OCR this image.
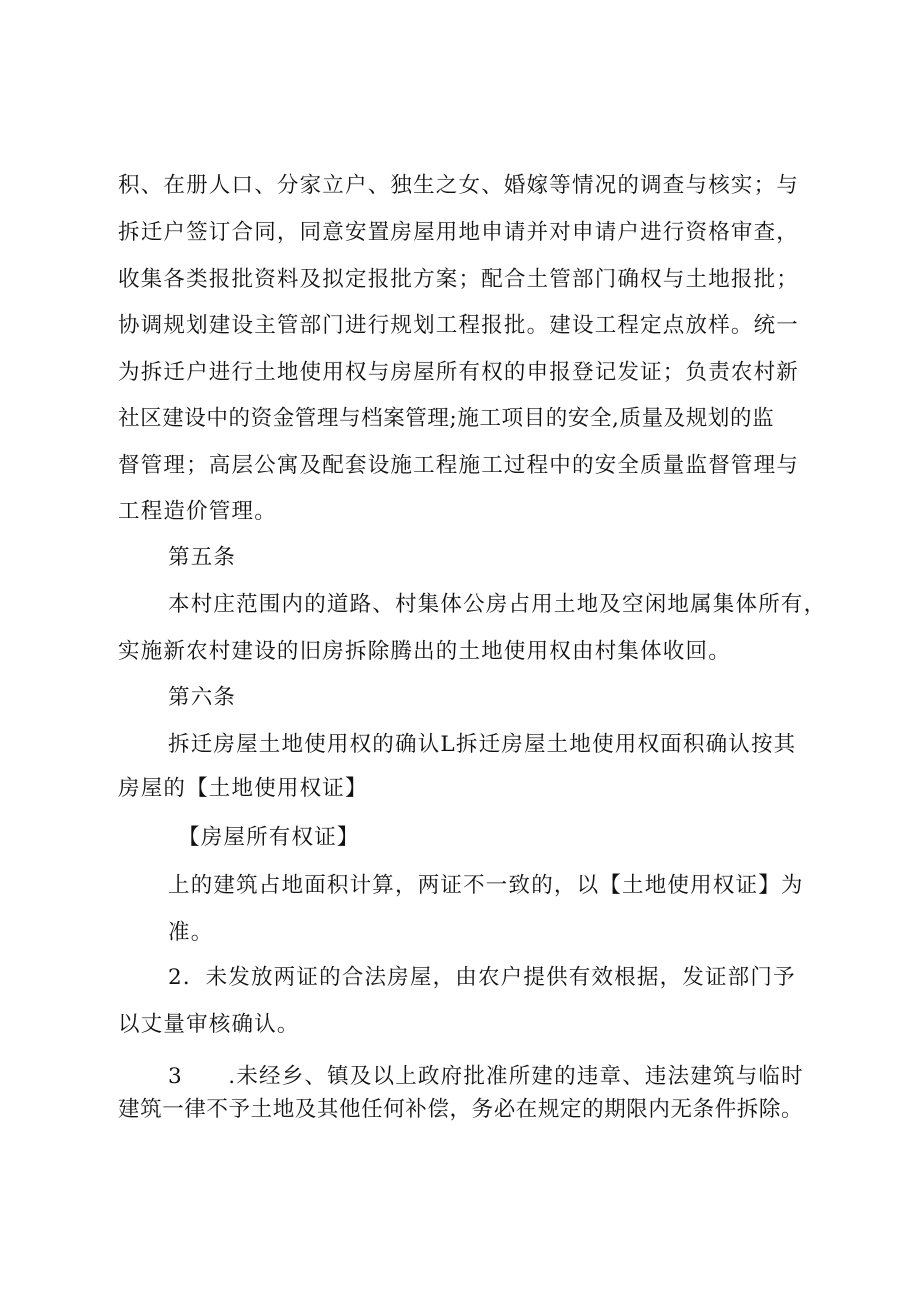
积、在册人口、分家立户、独生之女、婚嫁等情况的调查与核实；与
拆迁户签订合同，同意安置房屋用地申请并对申请户进行资格审查，
收集各类报批资料及拟定报批方案；配合土管部门确权与土地报批；
协调规划建设主管部门进行规划工程报批。建设工程定点放样。统一
为拆迁户进行土地使用权与房屋所有权的申报登记发证；负责农村新
社区建设中的资金管理与档案管理;施工项目的安全,质量及规划的监
督管理；高层公寓及配套设施工程施工过程中的安全质量监督管理与
工程造价管理。
第五条
本村庄范围内的道路、村集体公房占用土地及空闲地属集体所有，
实施新农村建设的旧房拆除腾出的土地使用权由村集体收回。
第六条
拆迁房屋土地使用权的确认L拆迁房屋土地使用权面积确认按其
房屋的【土地使用权证】
【房屋所有权证】
上的建筑占地面积计算，两证不一致的，以【土地使用权证】为
准。
2．未发放两证的合法房屋，由农户提供有效根据，发证部门予
以丈量审核确认。
3　　.未经乡、镇及以上政府批准所建的违章、违法建筑与临时
建筑一律不予土地及其他任何补偿，务必在规定的期限内无条件拆除。
